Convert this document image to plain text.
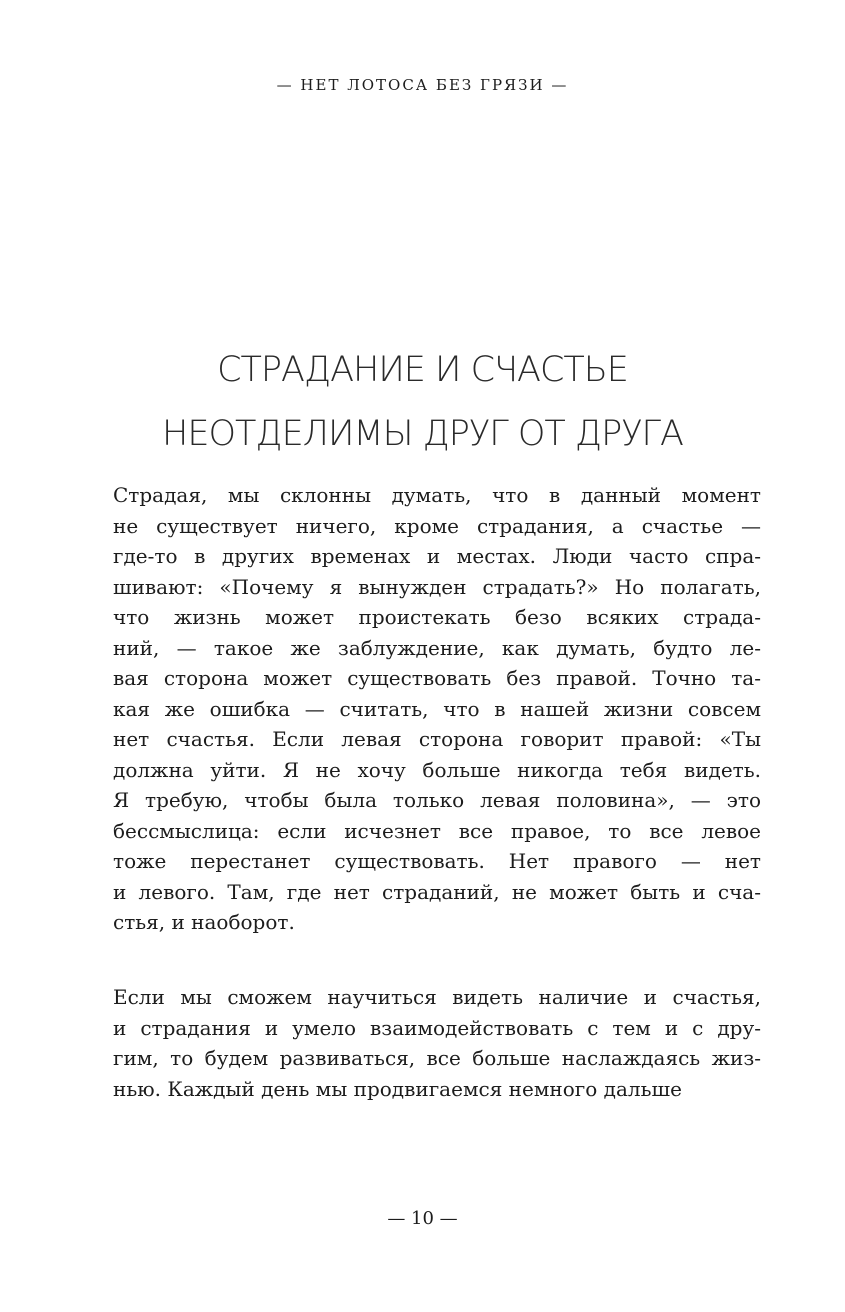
— НЕТ ЛОТОСА БЕЗ ГРЯЗИ —
СТРАДАНИЕ И СЧАСТЬЕ
НЕОТДЕЛИМЫ ДРУГ ОТ ДРУГА
Страдая, мы склонны думать, что в данный момент
не существует ничего, кроме страдания, а счастье —
где-то в других временах и местах. Люди часто спра-
шивают: «Почему я вынужден страдать?» Но полагать,
что жизнь может проистекать безо всяких страда-
ний, — такое же заблуждение, как думать, будто ле-
вая сторона может существовать без правой. Точно та-
кая же ошибка — считать, что в нашей жизни совсем
нет счастья. Если левая сторона говорит правой: «Ты
должна уйти. Я не хочу больше никогда тебя видеть.
Я требую, чтобы была только левая половина», — это
бессмыслица: если исчезнет все правое, то все левое
тоже перестанет существовать. Нет правого — нет
и левого. Там, где нет страданий, не может быть и сча-
стья, и наоборот.
Если мы сможем научиться видеть наличие и счастья,
и страдания и умело взаимодействовать с тем и с дру-
гим, то будем развиваться, все больше наслаждаясь жиз-
нью. Каждый день мы продвигаемся немного дальше
— 10 —
